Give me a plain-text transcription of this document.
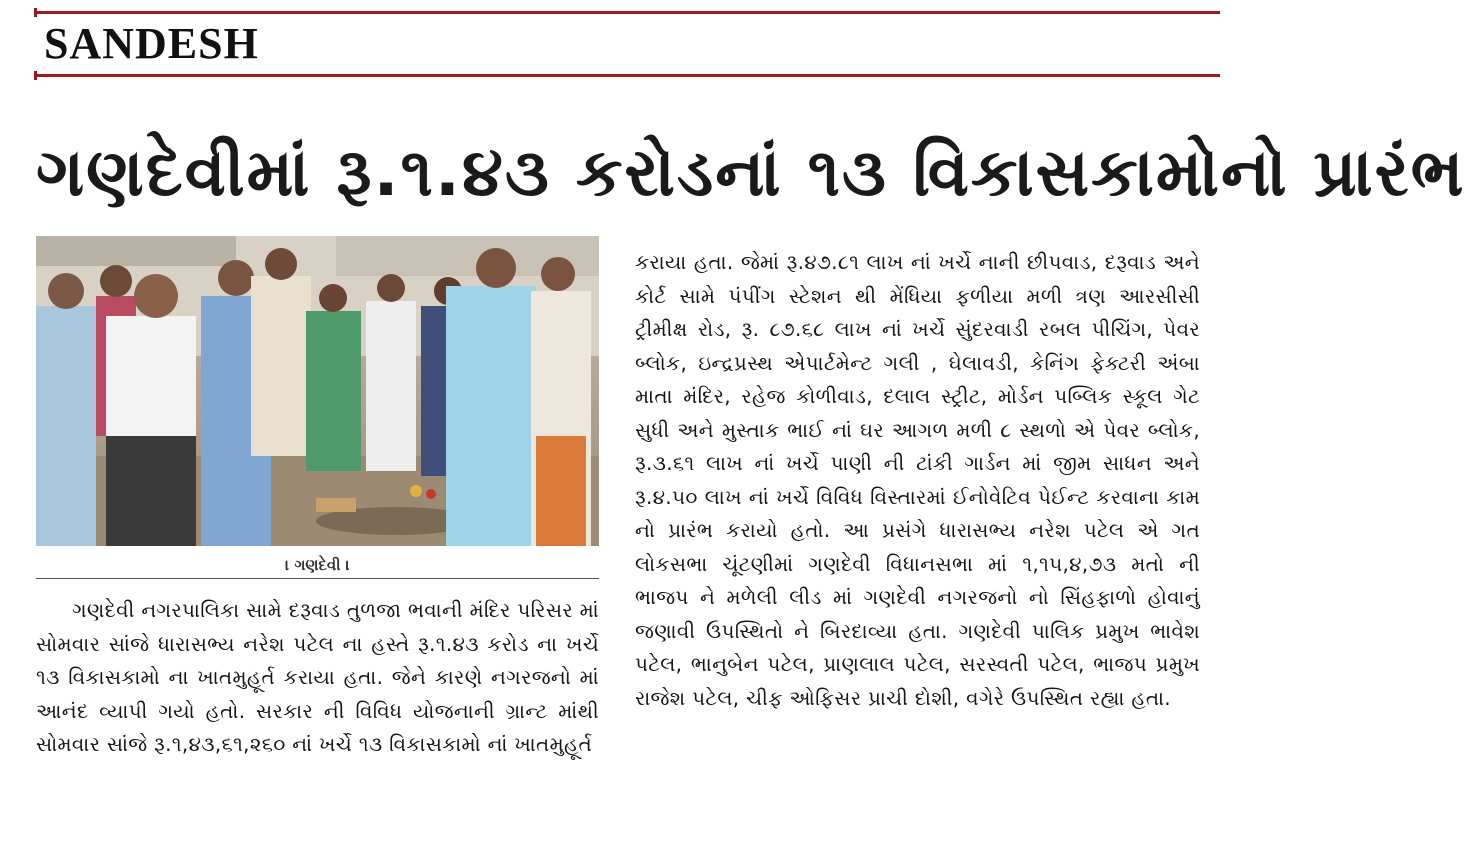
SANDESH
ગણદેવીમાં રૂ.૧.૪૩ કરોડનાં ૧૩ વિકાસકામોનો પ્રારંભ
। ગણદેવી ।

ગણદેવી નગરપાલિકા સામે દરૂવાડ તુળજા ભવાની મંદિર પરિસર માં સોમવાર સાંજે ધારાસભ્ય નરેશ પટેલ ના હસ્તે રૂ.૧.૪૩ કરોડ ના ખર્ચે ૧૩ વિકાસકામો ના ખાતમુહૂર્ત કરાયા હતા. જેને કારણે નગરજનો માં આનંદ વ્યાપી ગયો હતો. સરકાર ની વિવિધ યોજનાની ગ્રાન્ટ માંથી સોમવાર સાંજે રૂ.૧,૪૩,૬૧,૨૬૦ નાં ખર્ચે ૧૩ વિકાસકામો નાં ખાતમુહૂર્ત

કરાયા હતા. જેમાં રૂ.૪૭.૮૧ લાખ નાં ખર્ચે નાની છીપવાડ, દરૂવાડ અને કોર્ટ સામે પંપીંગ સ્ટેશન થી મેંધિયા ફળીયા મળી ત્રણ આરસીસી ટ્રીમીક્ષ રોડ, રૂ. ૮૭.૬૮ લાખ નાં ખર્ચે સુંદરવાડી રબલ પીચિંગ, પેવર બ્લોક, ઇન્દ્રપ્રસ્થ એપાર્ટમેન્ટ ગલી , ઘેલાવડી, કેનિંગ ફેક્ટરી અંબા માતા મંદિર, રહેજ કોળીવાડ, દલાલ સ્ટ્રીટ, મોર્ડન પબ્લિક સ્કૂલ ગેટ સુધી અને મુસ્તાક ભાઈ નાં ઘર આગળ મળી ૮ સ્થળો એ પેવર બ્લોક, રૂ.૩.૬૧ લાખ નાં ખર્ચે પાણી ની ટાંકી ગાર્ડન માં જીમ સાધન અને રૂ.૪.૫૦ લાખ નાં ખર્ચે વિવિધ વિસ્તારમાં ઈનોવેટિવ પેઈન્ટ કરવાના કામ નો પ્રારંભ કરાયો હતો. આ પ્રસંગે ધારાસભ્ય નરેશ પટેલ એ ગત લોકસભા ચૂંટણીમાં ગણદેવી વિધાનસભા માં ૧,૧૫,૪,૭૩ મતો ની ભાજપ ને મળેલી લીડ માં ગણદેવી નગરજનો નો સિંહફાળો હોવાનું જણાવી ઉપસ્થિતો ને બિરદાવ્યા હતા. ગણદેવી પાલિક પ્રમુખ ભાવેશ પટેલ, ભાનુબેન પટેલ, પ્રાણલાલ પટેલ, સરસ્વતી પટેલ, ભાજપ પ્રમુખ રાજેશ પટેલ, ચીફ ઓફિસર પ્રાચી દોશી, વગેરે ઉપસ્થિત રહ્યા હતા.
